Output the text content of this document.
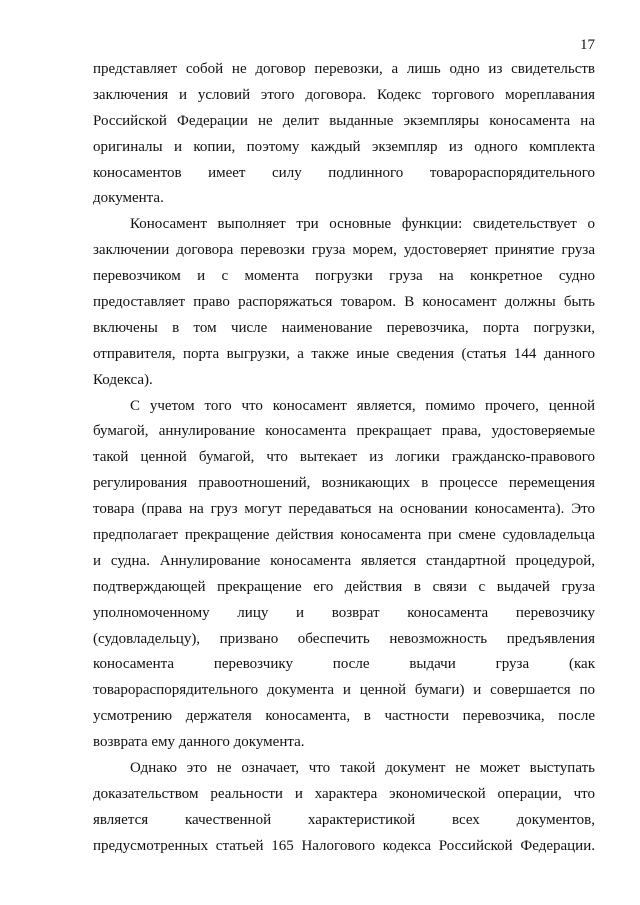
17
представляет собой не договор перевозки, а лишь одно из свидетельств
заключения и условий этого договора. Кодекс торгового мореплавания
Российской Федерации не делит выданные экземпляры коносамента на
оригиналы и копии, поэтому каждый экземпляр из одного комплекта
коносаментов имеет силу подлинного товарораспорядительного
документа.
Коносамент выполняет три основные функции: свидетельствует о
заключении договора перевозки груза морем, удостоверяет принятие груза
перевозчиком и с момента погрузки груза на конкретное судно
предоставляет право распоряжаться товаром. В коносамент должны быть
включены в том числе наименование перевозчика, порта погрузки,
отправителя, порта выгрузки, а также иные сведения (статья 144 данного
Кодекса).
С учетом того что коносамент является, помимо прочего, ценной
бумагой, аннулирование коносамента прекращает права, удостоверяемые
такой ценной бумагой, что вытекает из логики гражданско-правового
регулирования правоотношений, возникающих в процессе перемещения
товара (права на груз могут передаваться на основании коносамента). Это
предполагает прекращение действия коносамента при смене судовладельца
и судна. Аннулирование коносамента является стандартной процедурой,
подтверждающей прекращение его действия в связи с выдачей груза
уполномоченному лицу и возврат коносамента перевозчику
(судовладельцу), призвано обеспечить невозможность предъявления
коносамента перевозчику после выдачи груза (как
товарораспорядительного документа и ценной бумаги) и совершается по
усмотрению держателя коносамента, в частности перевозчика, после
возврата ему данного документа.
Однако это не означает, что такой документ не может выступать
доказательством реальности и характера экономической операции, что
является качественной характеристикой всех документов,
предусмотренных статьей 165 Налогового кодекса Российской Федерации.
